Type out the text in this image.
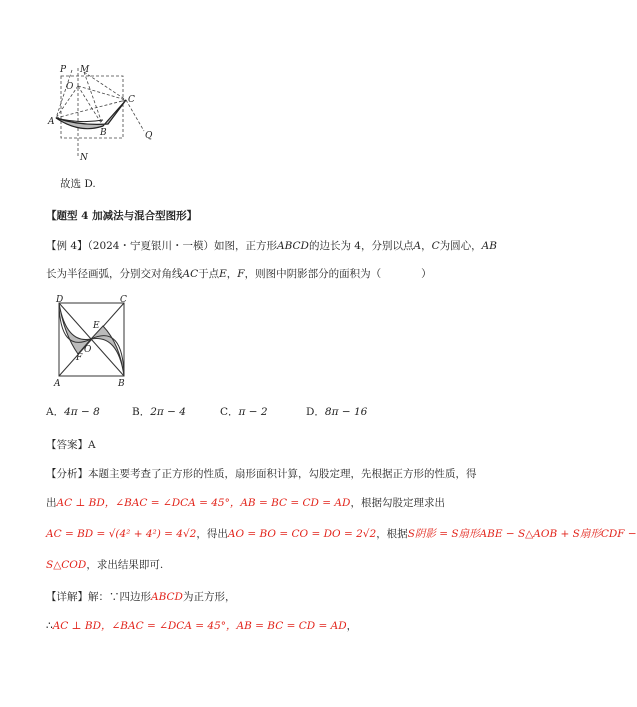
P M
O
C
A
B	Q
N
故选 D.
【题型 4 加减法与混合型图形】
【例 4】（2024・宁夏银川・一模）如图，正方形ABCD的边长为 4，分别以点A，C为圆心，AB
长为半径画弧，分别交对角线AC于点E，F，则图中阴影部分的面积为（	）
D	C
E
O
F
A	B
A．4π − 8	B．2π − 4	C．π − 2	D．8π − 16
【答案】A
【分析】本题主要考查了正方形的性质，扇形面积计算，勾股定理，先根据正方形的性质，得
出AC ⊥ BD，∠BAC = ∠DCA = 45°，AB = BC = CD = AD，根据勾股定理求出
AC = BD = √(4² + 4²) = 4√2，得出AO = BO = CO = DO = 2√2，根据S阴影 = S扇形ABE − S△AOB + S扇形CDF −
S△COD，求出结果即可.
【详解】解：∵四边形ABCD为正方形，
∴AC ⊥ BD，∠BAC = ∠DCA = 45°，AB = BC = CD = AD，
